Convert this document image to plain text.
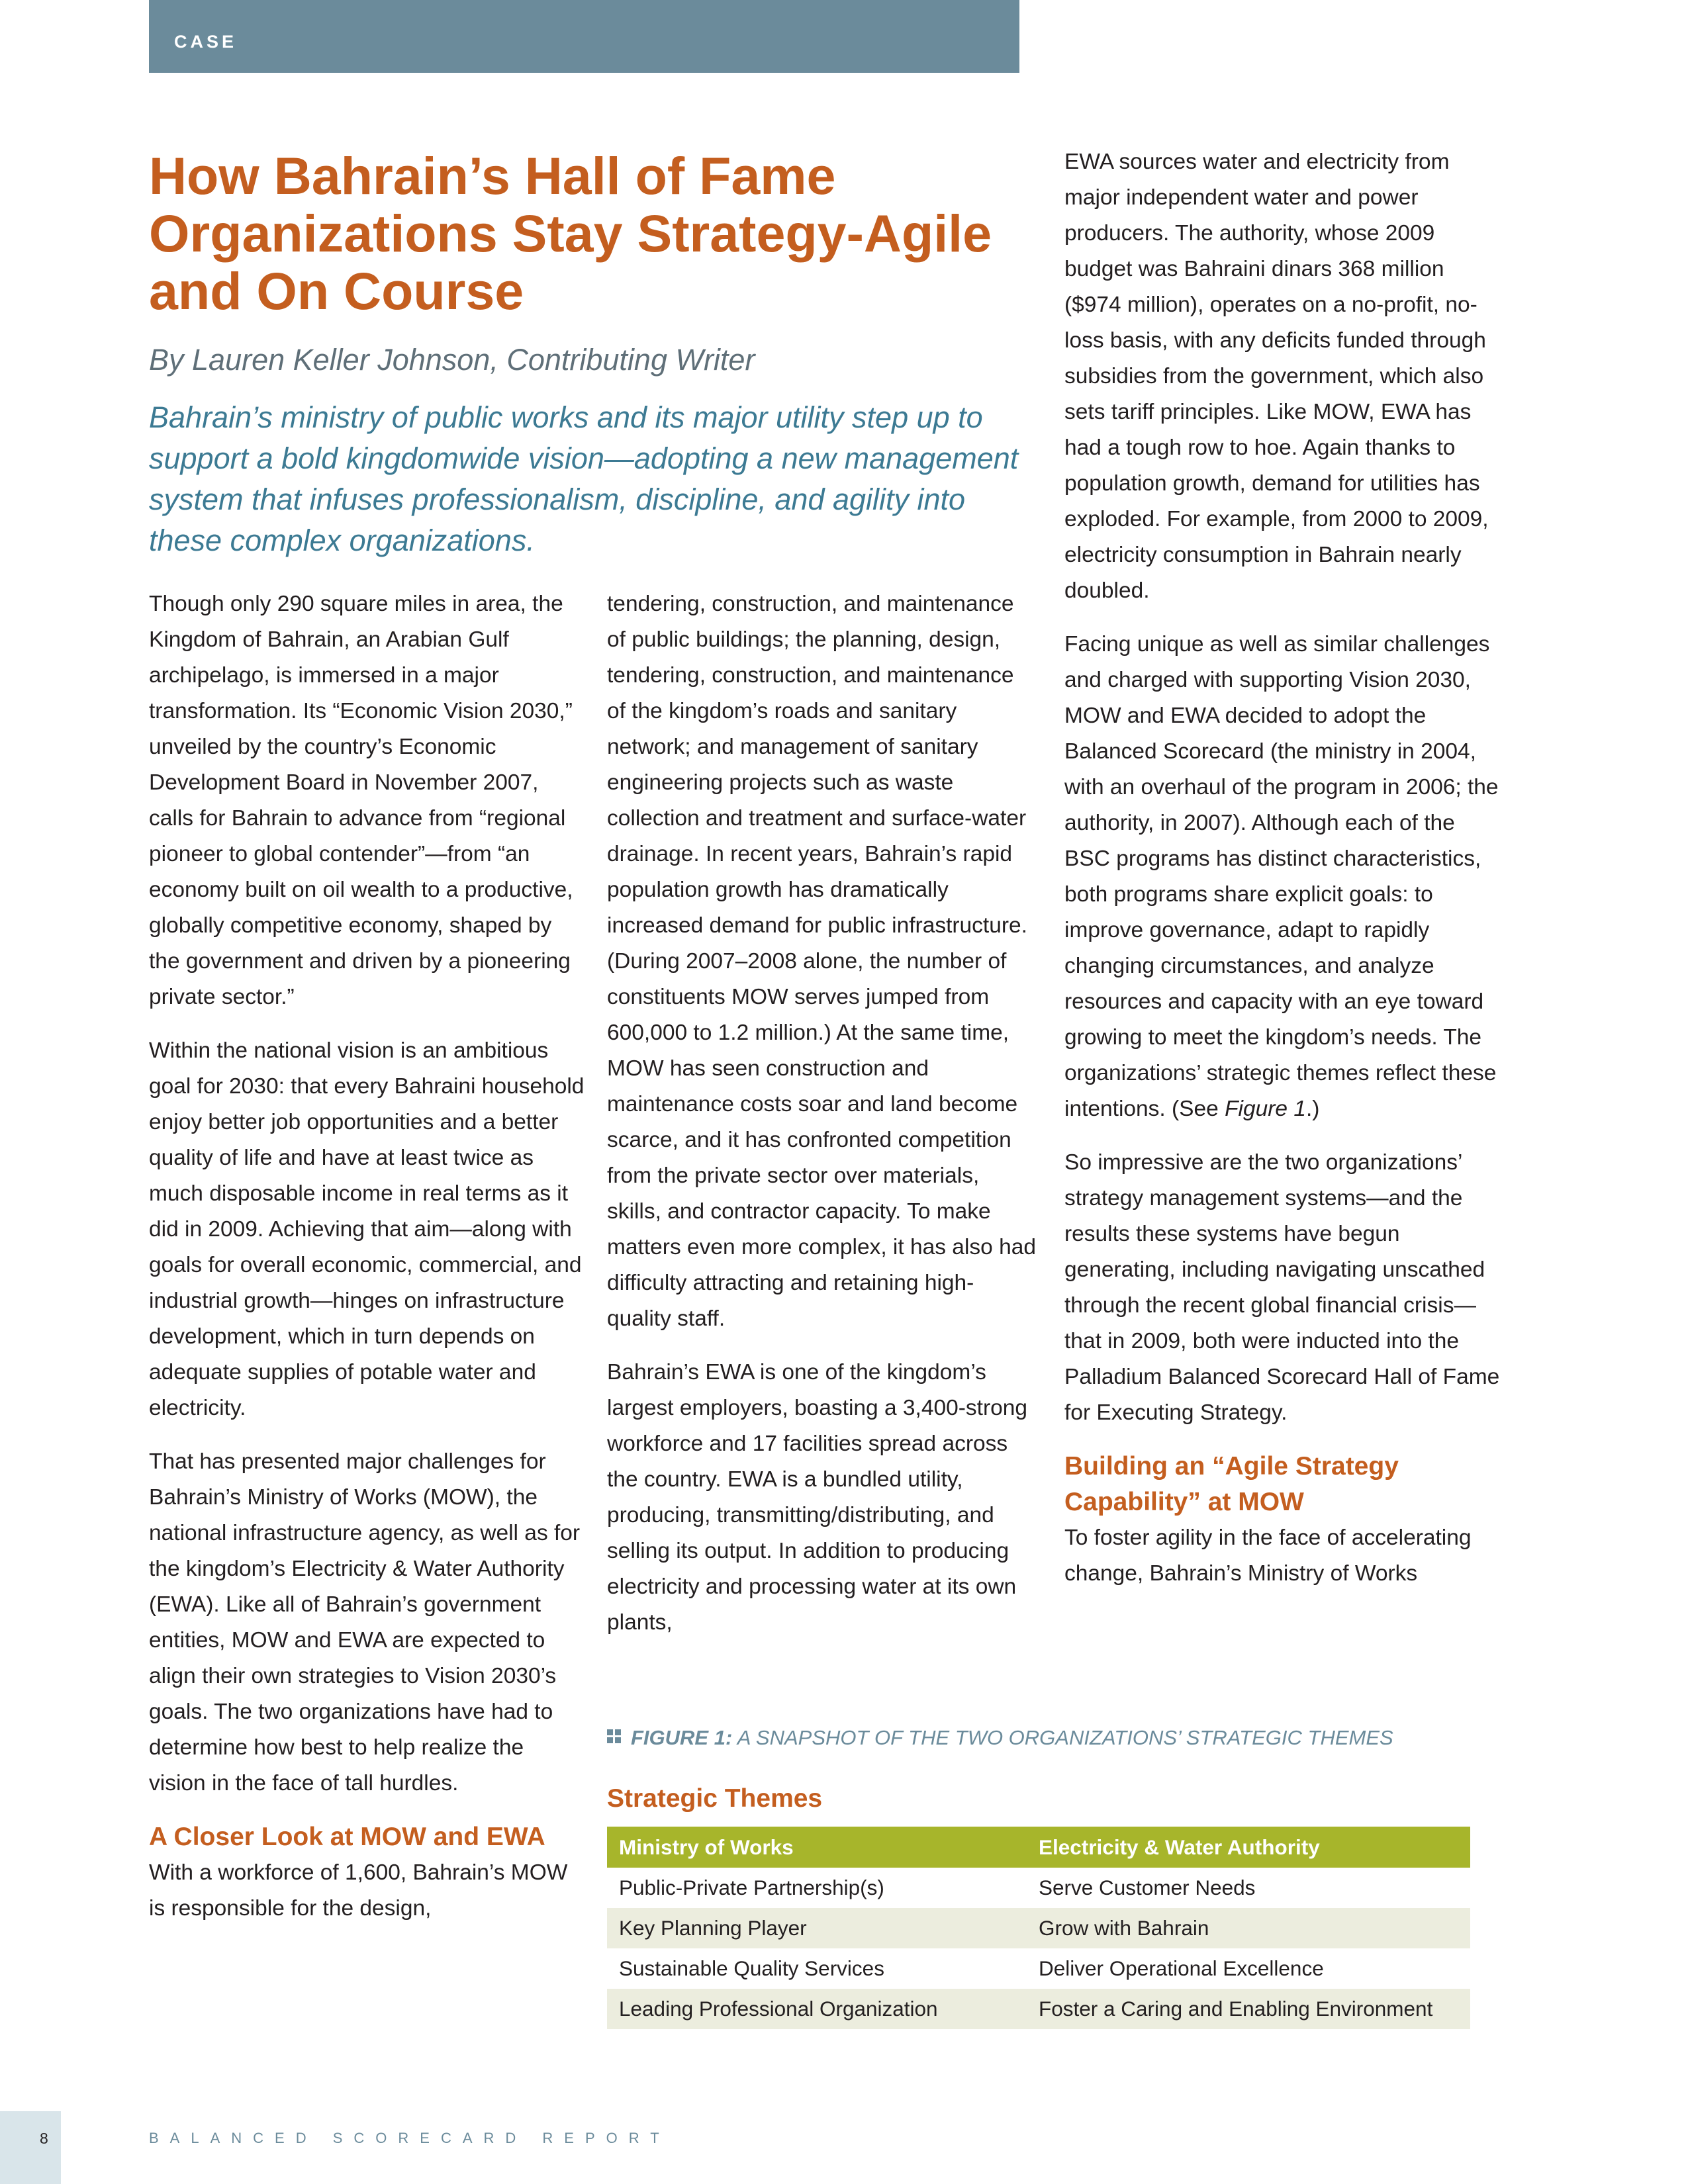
CASE
How Bahrain’s Hall of Fame Organizations Stay Strategy-Agile and On Course
By Lauren Keller Johnson, Contributing Writer
Bahrain’s ministry of public works and its major utility step up to support a bold kingdomwide vision—adopting a new management system that infuses professionalism, discipline, and agility into these complex organizations.

Though only 290 square miles in area, the Kingdom of Bahrain, an Arabian Gulf archipelago, is immersed in a major transformation. Its “Economic Vision 2030,” unveiled by the country’s Economic Development Board in November 2007, calls for Bahrain to advance from “regional pioneer to global contender”—from “an economy built on oil wealth to a productive, globally competitive economy, shaped by the government and driven by a pioneering private sector.”

Within the national vision is an ambitious goal for 2030: that every Bahraini household enjoy better job opportunities and a better quality of life and have at least twice as much disposable income in real terms as it did in 2009. Achieving that aim—along with goals for overall economic, commercial, and industrial growth—hinges on infrastructure development, which in turn depends on adequate supplies of potable water and electricity.

That has presented major challenges for Bahrain’s Ministry of Works (MOW), the national infrastructure agency, as well as for the kingdom’s Electricity & Water Authority (EWA). Like all of Bahrain’s government entities, MOW and EWA are expected to align their own strategies to Vision 2030’s goals. The two organizations have had to determine how best to help realize the vision in the face of tall hurdles.

A Closer Look at MOW and EWA

With a workforce of 1,600, Bahrain’s MOW is responsible for the design,

tendering, construction, and maintenance of public buildings; the planning, design, tendering, construction, and maintenance of the kingdom’s roads and sanitary network; and management of sanitary engineering projects such as waste collection and treatment and surface-water drainage. In recent years, Bahrain’s rapid population growth has dramatically increased demand for public infrastructure. (During 2007–2008 alone, the number of constituents MOW serves jumped from 600,000 to 1.2 million.) At the same time, MOW has seen construction and maintenance costs soar and land become scarce, and it has confronted competition from the private sector over materials, skills, and contractor capacity. To make matters even more complex, it has also had difficulty attracting and retaining high-quality staff.

Bahrain’s EWA is one of the kingdom’s largest employers, boasting a 3,400-strong workforce and 17 facilities spread across the country. EWA is a bundled utility, producing, transmitting/distributing, and selling its output. In addition to producing electricity and processing water at its own plants,

EWA sources water and electricity from major independent water and power producers. The authority, whose 2009 budget was Bahraini dinars 368 million ($974 million), operates on a no-profit, no-loss basis, with any deficits funded through subsidies from the government, which also sets tariff principles. Like MOW, EWA has had a tough row to hoe. Again thanks to population growth, demand for utilities has exploded. For example, from 2000 to 2009, electricity consumption in Bahrain nearly doubled.

Facing unique as well as similar challenges and charged with supporting Vision 2030, MOW and EWA decided to adopt the Balanced Scorecard (the ministry in 2004, with an overhaul of the program in 2006; the authority, in 2007). Although each of the BSC programs has distinct characteristics, both programs share explicit goals: to improve governance, adapt to rapidly changing circumstances, and analyze resources and capacity with an eye toward growing to meet the kingdom’s needs. The organizations’ strategic themes reflect these intentions. (See Figure 1.)

So impressive are the two organizations’ strategy management systems—and the results these systems have begun generating, including navigating unscathed through the recent global financial crisis—that in 2009, both were inducted into the Palladium Balanced Scorecard Hall of Fame for Executing Strategy.

Building an “Agile Strategy Capability” at MOW

To foster agility in the face of accelerating change, Bahrain’s Ministry of Works

FIGURE 1: A SNAPSHOT OF THE TWO ORGANIZATIONS’ STRATEGIC THEMES
Strategic Themes
Ministry of Works	Electricity & Water Authority
Public-Private Partnership(s)	Serve Customer Needs
Key Planning Player	Grow with Bahrain
Sustainable Quality Services	Deliver Operational Excellence
Leading Professional Organization	Foster a Caring and Enabling Environment
8	BALANCED SCORECARD REPORT
